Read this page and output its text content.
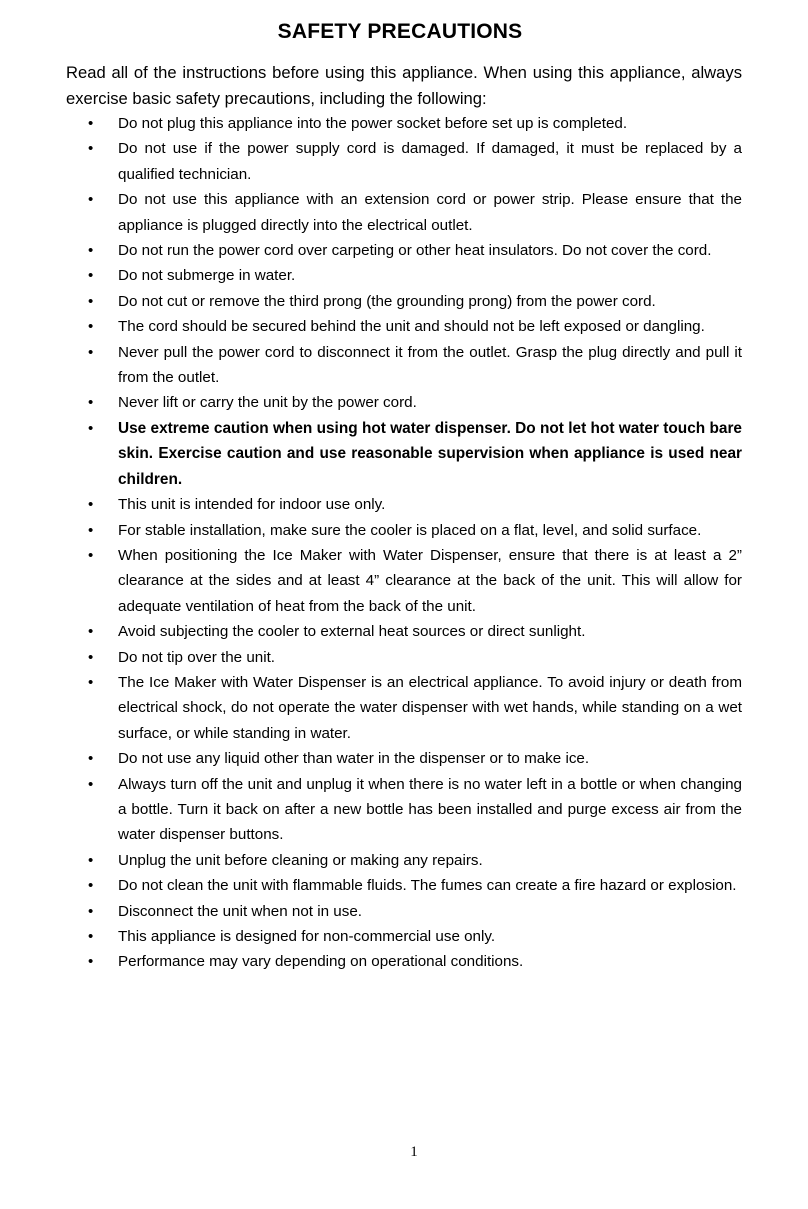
SAFETY PRECAUTIONS
Read all of the instructions before using this appliance. When using this appliance, always exercise basic safety precautions, including the following:
•	Do not plug this appliance into the power socket before set up is completed.
•	Do not use if the power supply cord is damaged. If damaged, it must be replaced by a qualified technician.
•	Do not use this appliance with an extension cord or power strip. Please ensure that the appliance is plugged directly into the electrical outlet.
•	Do not run the power cord over carpeting or other heat insulators. Do not cover the cord.
•	Do not submerge in water.
•	Do not cut or remove the third prong (the grounding prong) from the power cord.
•	The cord should be secured behind the unit and should not be left exposed or dangling.
•	Never pull the power cord to disconnect it from the outlet. Grasp the plug directly and pull it from the outlet.
•	Never lift or carry the unit by the power cord.
•	Use extreme caution when using hot water dispenser. Do not let hot water touch bare skin. Exercise caution and use reasonable supervision when appliance is used near children.
•	This unit is intended for indoor use only.
•	For stable installation, make sure the cooler is placed on a flat, level, and solid surface.
•	When positioning the Ice Maker with Water Dispenser, ensure that there is at least a 2” clearance at the sides and at least 4” clearance at the back of the unit. This will allow for adequate ventilation of heat from the back of the unit.
•	Avoid subjecting the cooler to external heat sources or direct sunlight.
•	Do not tip over the unit.
•	The Ice Maker with Water Dispenser is an electrical appliance. To avoid injury or death from electrical shock, do not operate the water dispenser with wet hands, while standing on a wet surface, or while standing in water.
•	Do not use any liquid other than water in the dispenser or to make ice.
•	Always turn off the unit and unplug it when there is no water left in a bottle or when changing a bottle. Turn it back on after a new bottle has been installed and purge excess air from the water dispenser buttons.
•	Unplug the unit before cleaning or making any repairs.
•	Do not clean the unit with flammable fluids. The fumes can create a fire hazard or explosion.
•	Disconnect the unit when not in use.
•	This appliance is designed for non-commercial use only.
•	Performance may vary depending on operational conditions.
1
